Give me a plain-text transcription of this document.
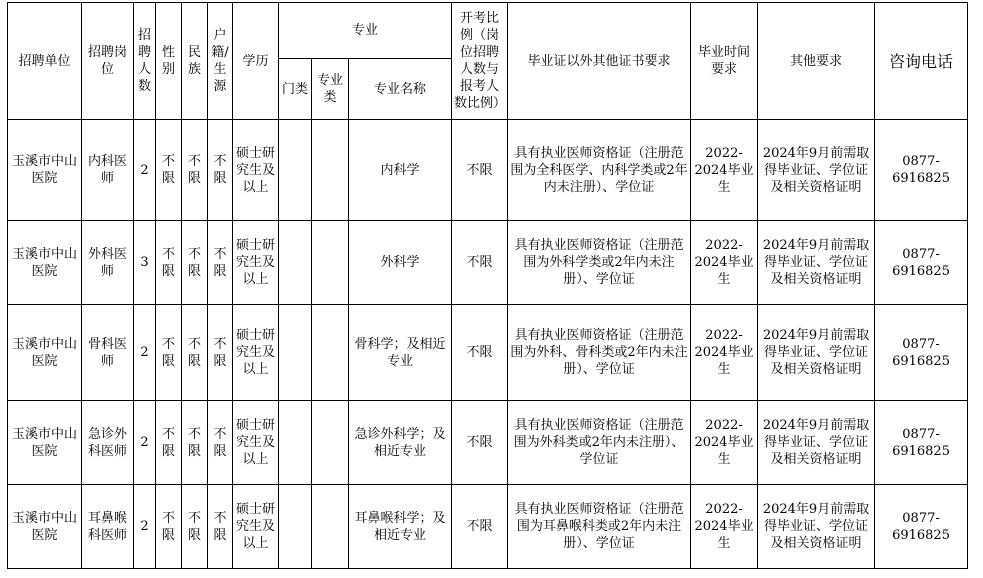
招聘单位	招聘岗位	招聘人数	性别	民族	户籍/生源	学历	专业			开考比例（岗位招聘人数与报考人数比例）	毕业证以外其他证书要求	毕业时间要求	其他要求	咨询电话
							门类	专业类	专业名称					
玉溪市中山医院	内科医师	2	不限	不限	不限	硕士研究生及以上			内科学	不限	具有执业医师资格证（注册范围为全科医学、内科学类或2年内未注册）、学位证	2022-2024毕业生	2024年9月前需取得毕业证、学位证及相关资格证明	0877-6916825
玉溪市中山医院	外科医师	3	不限	不限	不限	硕士研究生及以上			外科学	不限	具有执业医师资格证（注册范围为外科学类或2年内未注册）、学位证	2022-2024毕业生	2024年9月前需取得毕业证、学位证及相关资格证明	0877-6916825
玉溪市中山医院	骨科医师	2	不限	不限	不限	硕士研究生及以上			骨科学；及相近专业	不限	具有执业医师资格证（注册范围为外科、骨科类或2年内未注册）、学位证	2022-2024毕业生	2024年9月前需取得毕业证、学位证及相关资格证明	0877-6916825
玉溪市中山医院	急诊外科医师	2	不限	不限	不限	硕士研究生及以上			急诊外科学；及相近专业	不限	具有执业医师资格证（注册范围为外科类或2年内未注册）、学位证	2022-2024毕业生	2024年9月前需取得毕业证、学位证及相关资格证明	0877-6916825
玉溪市中山医院	耳鼻喉科医师	2	不限	不限	不限	硕士研究生及以上			耳鼻喉科学；及相近专业	不限	具有执业医师资格证（注册范围为耳鼻喉科类或2年内未注册）、学位证	2022-2024毕业生	2024年9月前需取得毕业证、学位证及相关资格证明	0877-6916825
